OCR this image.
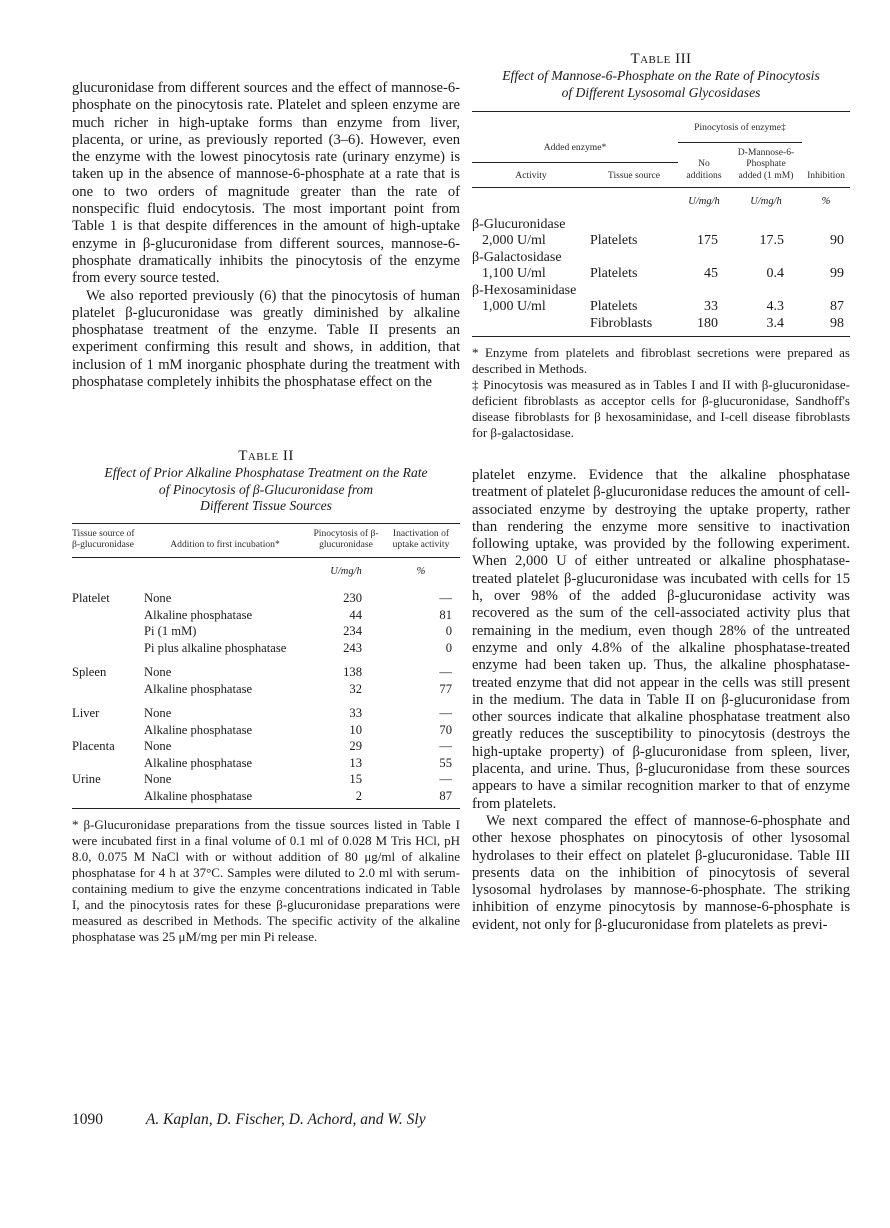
glucuronidase from different sources and the effect of mannose-6-phosphate on the pinocytosis rate. Platelet and spleen enzyme are much richer in high-uptake forms than enzyme from liver, placenta, or urine, as previously reported (3–6). However, even the enzyme with the lowest pinocytosis rate (urinary enzyme) is taken up in the absence of mannose-6-phosphate at a rate that is one to two orders of magnitude greater than the rate of nonspecific fluid endocytosis. The most important point from Table 1 is that despite differences in the amount of high-uptake enzyme in β-glucuronidase from different sources, mannose-6-phosphate dramatically inhibits the pinocytosis of the enzyme from every source tested.

We also reported previously (6) that the pinocytosis of human platelet β-glucuronidase was greatly diminished by alkaline phosphatase treatment of the enzyme. Table II presents an experiment confirming this result and shows, in addition, that inclusion of 1 mM inorganic phosphate during the treatment with phosphatase completely inhibits the phosphatase effect on the

Table II

Effect of Prior Alkaline Phosphatase Treatment on the Rate

of Pinocytosis of β-Glucuronidase from

Different Tissue Sources

Tissue source of β-glucuronidase	Addition to first incubation*	Pinocytosis of β-glucuronidase	Inactivation of uptake activity
		U/mg/h	%
Platelet	None	230	—
	Alkaline phosphatase	44	81
	Pi (1 mM)	234	0
	Pi plus alkaline phosphatase	243	0
Spleen	None	138	—
	Alkaline phosphatase	32	77
Liver	None	33	—
	Alkaline phosphatase	10	70
Placenta	None	29	—
	Alkaline phosphatase	13	55
Urine	None	15	—
	Alkaline phosphatase	2	87

* β-Glucuronidase preparations from the tissue sources listed in Table I were incubated first in a final volume of 0.1 ml of 0.028 M Tris HCl, pH 8.0, 0.075 M NaCl with or without addition of 80 μg/ml of alkaline phosphatase for 4 h at 37°C. Samples were diluted to 2.0 ml with serum-containing medium to give the enzyme concentrations indicated in Table I, and the pinocytosis rates for these β-glucuronidase preparations were measured as described in Methods. The specific activity of the alkaline phosphatase was 25 μM/mg per min Pi release.

Table III

Effect of Mannose-6-Phosphate on the Rate of Pinocytosis

of Different Lysosomal Glycosidases

		Pinocytosis of enzyme‡		
Added enzyme*		No additions	D-Mannose-6-Phosphate added (1 mM)	Inhibition
Activity	Tissue source			
		U/mg/h	U/mg/h	%
β-Glucuronidase				
2,000 U/ml	Platelets	175	17.5	90
β-Galactosidase				
1,100 U/ml	Platelets	45	0.4	99
β-Hexosaminidase				
1,000 U/ml	Platelets	33	4.3	87
	Fibroblasts	180	3.4	98

* Enzyme from platelets and fibroblast secretions were prepared as described in Methods.

‡ Pinocytosis was measured as in Tables I and II with β-glucuronidase-deficient fibroblasts as acceptor cells for β-glucuronidase, Sandhoff's disease fibroblasts for β hexosaminidase, and I-cell disease fibroblasts for β-galactosidase.

platelet enzyme. Evidence that the alkaline phosphatase treatment of platelet β-glucuronidase reduces the amount of cell-associated enzyme by destroying the uptake property, rather than rendering the enzyme more sensitive to inactivation following uptake, was provided by the following experiment. When 2,000 U of either untreated or alkaline phosphatase-treated platelet β-glucuronidase was incubated with cells for 15 h, over 98% of the added β-glucuronidase activity was recovered as the sum of the cell-associated activity plus that remaining in the medium, even though 28% of the untreated enzyme and only 4.8% of the alkaline phosphatase-treated enzyme had been taken up. Thus, the alkaline phosphatase-treated enzyme that did not appear in the cells was still present in the medium. The data in Table II on β-glucuronidase from other sources indicate that alkaline phosphatase treatment also greatly reduces the susceptibility to pinocytosis (destroys the high-uptake property) of β-glucuronidase from spleen, liver, placenta, and urine. Thus, β-glucuronidase from these sources appears to have a similar recognition marker to that of enzyme from platelets.

We next compared the effect of mannose-6-phosphate and other hexose phosphates on pinocytosis of other lysosomal hydrolases to their effect on platelet β-glucuronidase. Table III presents data on the inhibition of pinocytosis of several lysosomal hydrolases by mannose-6-phosphate. The striking inhibition of enzyme pinocytosis by mannose-6-phosphate is evident, not only for β-glucuronidase from platelets as previ-

1090	A. Kaplan, D. Fischer, D. Achord, and W. Sly
